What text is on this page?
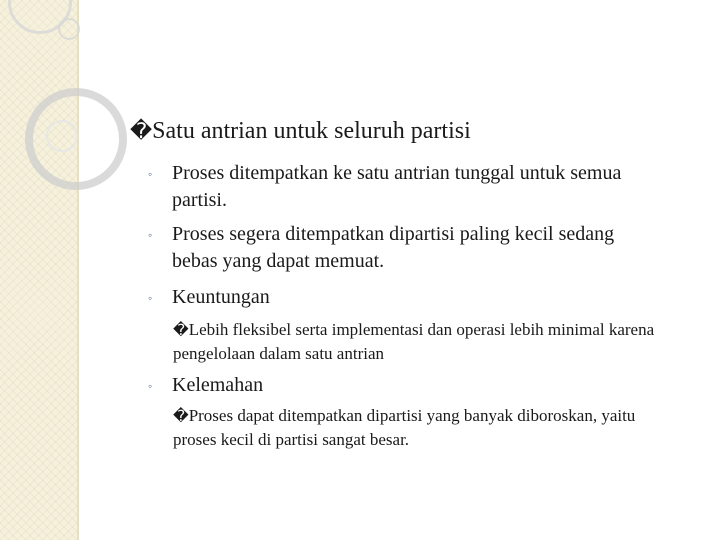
�Satu antrian untuk seluruh partisi
◦ Proses ditempatkan ke satu antrian tunggal untuk semua partisi.
◦ Proses segera ditempatkan dipartisi paling kecil sedang bebas yang dapat memuat.
◦ Keuntungan
�Lebih fleksibel serta implementasi dan operasi lebih minimal karena pengelolaan dalam satu antrian
◦ Kelemahan
�Proses dapat ditempatkan dipartisi yang banyak diboroskan, yaitu proses kecil di partisi sangat besar.
